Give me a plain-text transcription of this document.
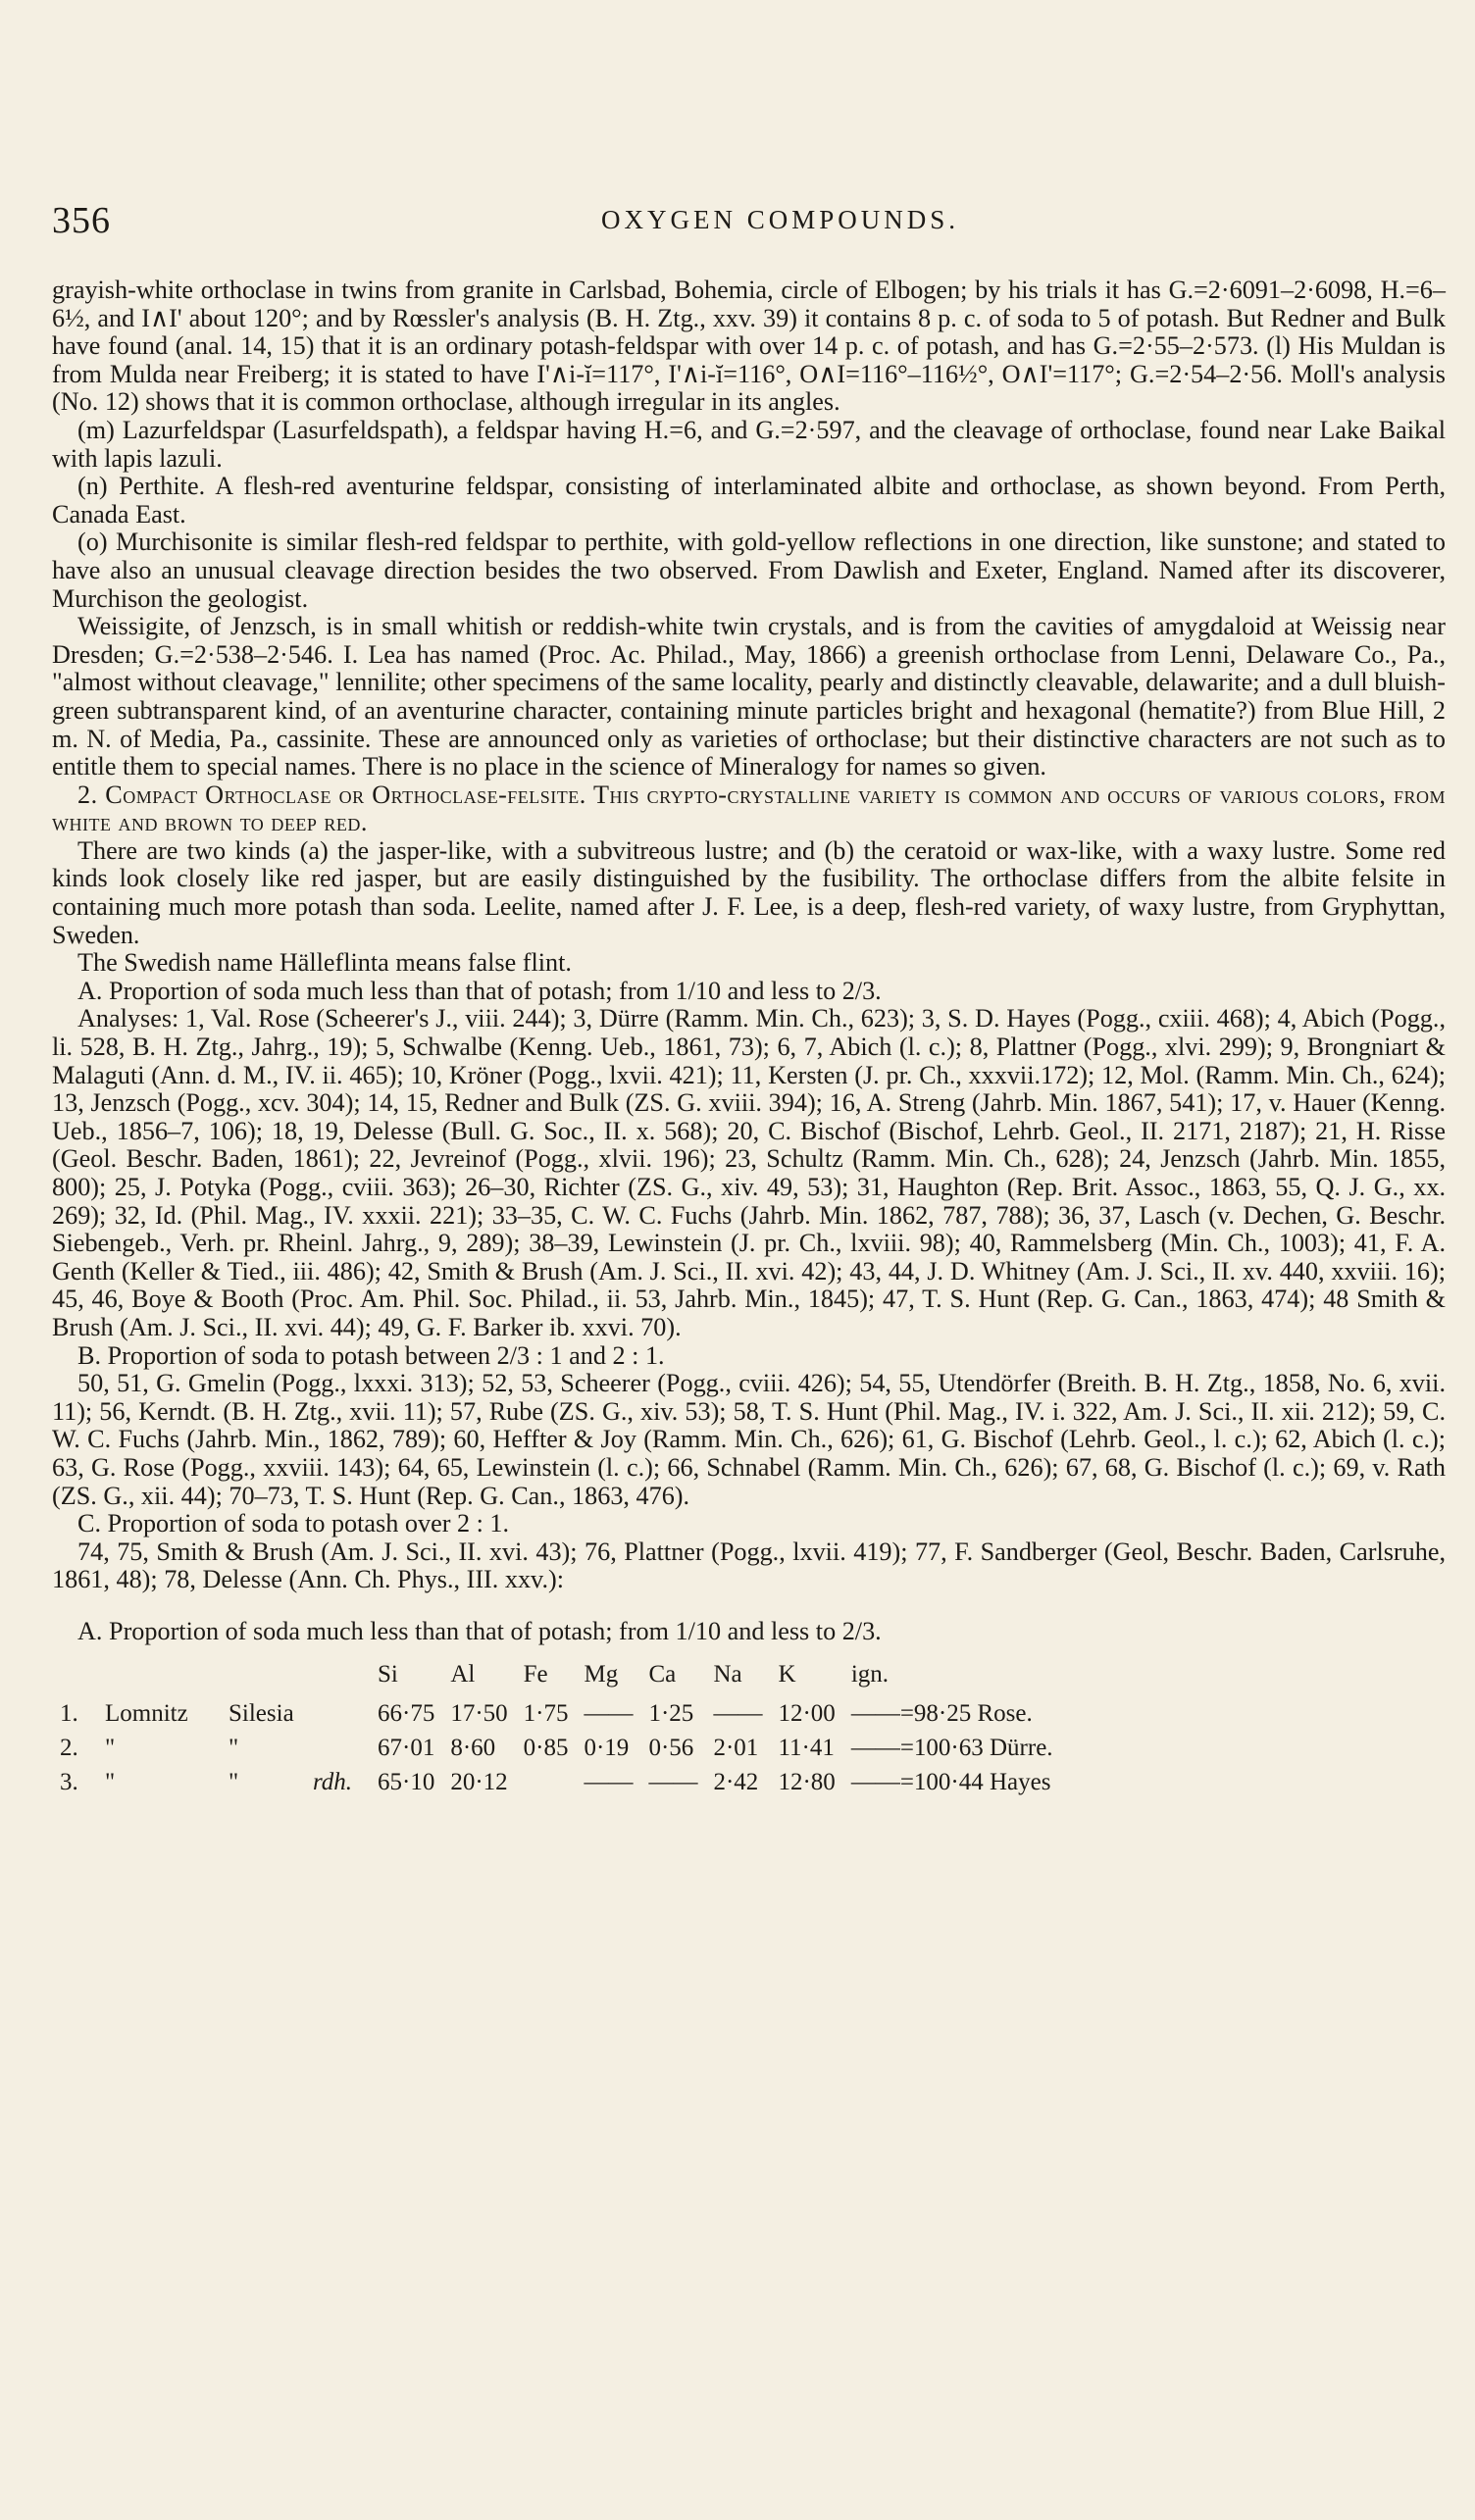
356	OXYGEN COMPOUNDS.

grayish-white orthoclase in twins from granite in Carlsbad, Bohemia, circle of Elbogen; by his trials it has G.=2·6091–2·6098, H.=6–6½, and I∧I' about 120°; and by Rœssler's analysis (B. H. Ztg., xxv. 39) it contains 8 p. c. of soda to 5 of potash. But Redner and Bulk have found (anal. 14, 15) that it is an ordinary potash-feldspar with over 14 p. c. of potash, and has G.=2·55–2·573. (l) His Muldan is from Mulda near Freiberg; it is stated to have I'∧i-ĭ=117°, I'∧i-ĭ=116°, O∧I=116°–116½°, O∧I'=117°; G.=2·54–2·56. Moll's analysis (No. 12) shows that it is common orthoclase, although irregular in its angles.

(m) Lazurfeldspar (Lasurfeldspath), a feldspar having H.=6, and G.=2·597, and the cleavage of orthoclase, found near Lake Baikal with lapis lazuli.

(n) Perthite. A flesh-red aventurine feldspar, consisting of interlaminated albite and orthoclase, as shown beyond. From Perth, Canada East.

(o) Murchisonite is similar flesh-red feldspar to perthite, with gold-yellow reflections in one direction, like sunstone; and stated to have also an unusual cleavage direction besides the two observed. From Dawlish and Exeter, England. Named after its discoverer, Murchison the geologist.

Weissigite, of Jenzsch, is in small whitish or reddish-white twin crystals, and is from the cavities of amygdaloid at Weissig near Dresden; G.=2·538–2·546. I. Lea has named (Proc. Ac. Philad., May, 1866) a greenish orthoclase from Lenni, Delaware Co., Pa., "almost without cleavage," lennilite; other specimens of the same locality, pearly and distinctly cleavable, delawarite; and a dull bluish-green subtransparent kind, of an aventurine character, containing minute particles bright and hexagonal (hematite?) from Blue Hill, 2 m. N. of Media, Pa., cassinite. These are announced only as varieties of orthoclase; but their distinctive characters are not such as to entitle them to special names. There is no place in the science of Mineralogy for names so given.

2. Compact Orthoclase or Orthoclase-felsite. This crypto-crystalline variety is common and occurs of various colors, from white and brown to deep red.

There are two kinds (a) the jasper-like, with a subvitreous lustre; and (b) the ceratoid or wax-like, with a waxy lustre. Some red kinds look closely like red jasper, but are easily distinguished by the fusibility. The orthoclase differs from the albite felsite in containing much more potash than soda. Leelite, named after J. F. Lee, is a deep, flesh-red variety, of waxy lustre, from Gryphyttan, Sweden.

The Swedish name Hälleflinta means false flint.

A. Proportion of soda much less than that of potash; from 1/10 and less to 2/3.

Analyses: 1, Val. Rose (Scheerer's J., viii. 244); 3, Dürre (Ramm. Min. Ch., 623); 3, S. D. Hayes (Pogg., cxiii. 468); 4, Abich (Pogg., li. 528, B. H. Ztg., Jahrg., 19); 5, Schwalbe (Kenng. Ueb., 1861, 73); 6, 7, Abich (l. c.); 8, Plattner (Pogg., xlvi. 299); 9, Brongniart & Malaguti (Ann. d. M., IV. ii. 465); 10, Kröner (Pogg., lxvii. 421); 11, Kersten (J. pr. Ch., xxxvii.172); 12, Mol. (Ramm. Min. Ch., 624); 13, Jenzsch (Pogg., xcv. 304); 14, 15, Redner and Bulk (ZS. G. xviii. 394); 16, A. Streng (Jahrb. Min. 1867, 541); 17, v. Hauer (Kenng. Ueb., 1856–7, 106); 18, 19, Delesse (Bull. G. Soc., II. x. 568); 20, C. Bischof (Bischof, Lehrb. Geol., II. 2171, 2187); 21, H. Risse (Geol. Beschr. Baden, 1861); 22, Jevreinof (Pogg., xlvii. 196); 23, Schultz (Ramm. Min. Ch., 628); 24, Jenzsch (Jahrb. Min. 1855, 800); 25, J. Potyka (Pogg., cviii. 363); 26–30, Richter (ZS. G., xiv. 49, 53); 31, Haughton (Rep. Brit. Assoc., 1863, 55, Q. J. G., xx. 269); 32, Id. (Phil. Mag., IV. xxxii. 221); 33–35, C. W. C. Fuchs (Jahrb. Min. 1862, 787, 788); 36, 37, Lasch (v. Dechen, G. Beschr. Siebengeb., Verh. pr. Rheinl. Jahrg., 9, 289); 38–39, Lewinstein (J. pr. Ch., lxviii. 98); 40, Rammelsberg (Min. Ch., 1003); 41, F. A. Genth (Keller & Tied., iii. 486); 42, Smith & Brush (Am. J. Sci., II. xvi. 42); 43, 44, J. D. Whitney (Am. J. Sci., II. xv. 440, xxviii. 16); 45, 46, Boye & Booth (Proc. Am. Phil. Soc. Philad., ii. 53, Jahrb. Min., 1845); 47, T. S. Hunt (Rep. G. Can., 1863, 474); 48 Smith & Brush (Am. J. Sci., II. xvi. 44); 49, G. F. Barker ib. xxvi. 70).

B. Proportion of soda to potash between 2/3 : 1 and 2 : 1.

50, 51, G. Gmelin (Pogg., lxxxi. 313); 52, 53, Scheerer (Pogg., cviii. 426); 54, 55, Utendörfer (Breith. B. H. Ztg., 1858, No. 6, xvii. 11); 56, Kerndt. (B. H. Ztg., xvii. 11); 57, Rube (ZS. G., xiv. 53); 58, T. S. Hunt (Phil. Mag., IV. i. 322, Am. J. Sci., II. xii. 212); 59, C. W. C. Fuchs (Jahrb. Min., 1862, 789); 60, Heffter & Joy (Ramm. Min. Ch., 626); 61, G. Bischof (Lehrb. Geol., l. c.); 62, Abich (l. c.); 63, G. Rose (Pogg., xxviii. 143); 64, 65, Lewinstein (l. c.); 66, Schnabel (Ramm. Min. Ch., 626); 67, 68, G. Bischof (l. c.); 69, v. Rath (ZS. G., xii. 44); 70–73, T. S. Hunt (Rep. G. Can., 1863, 476).

C. Proportion of soda to potash over 2 : 1.

74, 75, Smith & Brush (Am. J. Sci., II. xvi. 43); 76, Plattner (Pogg., lxvii. 419); 77, F. Sandberger (Geol, Beschr. Baden, Carlsruhe, 1861, 48); 78, Delesse (Ann. Ch. Phys., III. xxv.):

A. Proportion of soda much less than that of potash; from 1/10 and less to 2/3.

				Si	Al	Fe	Mg	Ca	Na	K	ign.
1.	Lomnitz	Silesia		66·75	17·50	1·75	——	1·25	——	12·00	——=98·25 Rose.
2.	"	"		67·01	8·60	0·85	0·19	0·56	2·01	11·41	——=100·63 Dürre.
3.	"	"	rdh.	65·10	20·12		——	——	2·42	12·80	——=100·44 Hayes
